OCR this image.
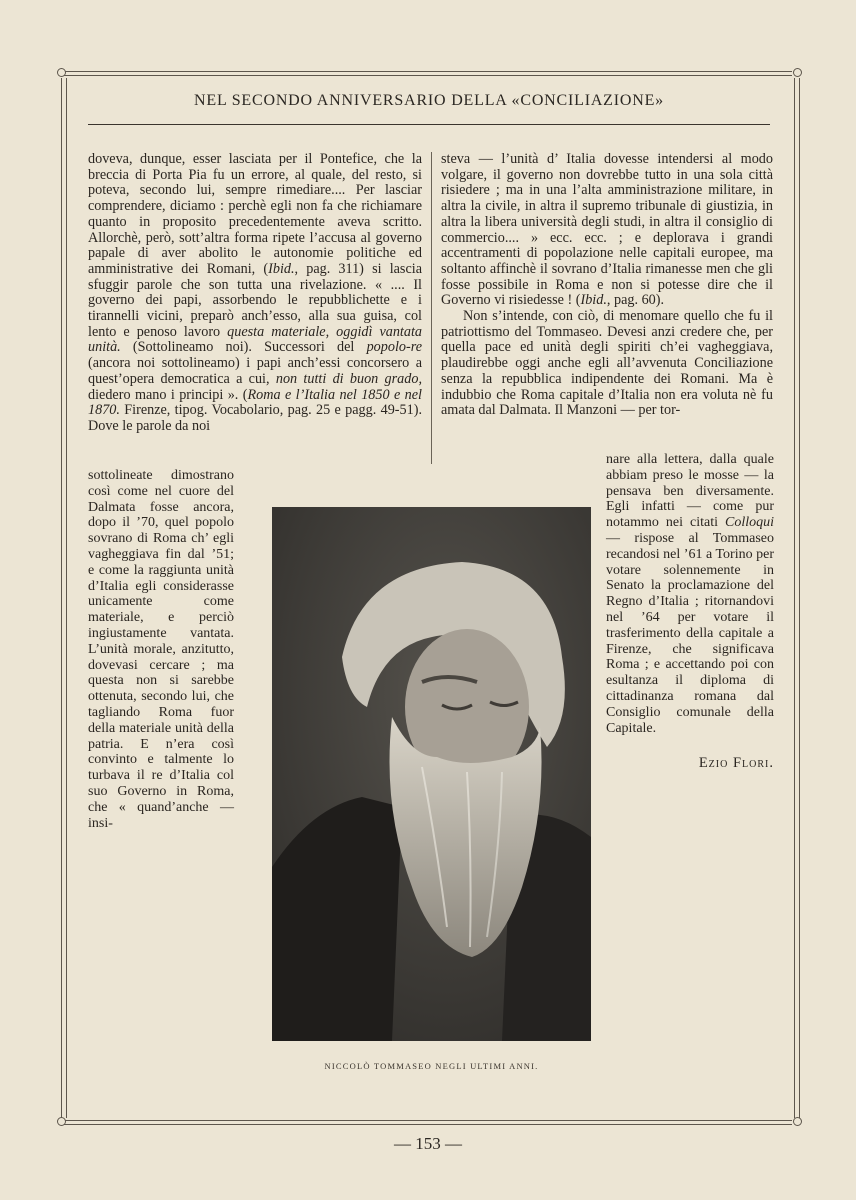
NEL SECONDO ANNIVERSARIO DELLA «CONCILIAZIONE»

doveva, dunque, esser lasciata per il Pontefice, che la breccia di Porta Pia fu un errore, al quale, del resto, si poteva, secondo lui, sempre rimediare.... Per lasciar comprendere, diciamo : perchè egli non fa che richiamare quanto in proposito precedentemente aveva scritto. Allorchè, però, sott’altra forma ripete l’accusa al governo papale di aver abolito le autonomie politiche ed amministrative dei Romani, (Ibid., pag. 311) si lascia sfuggir parole che son tutta una rivelazione. « .... Il governo dei papi, assorbendo le repubblichette e i tirannelli vicini, preparò anch’esso, alla sua guisa, col lento e penoso lavoro questa materiale, oggidì vantata unità. (Sottolineamo noi). Successori del popolo-re (ancora noi sottolineamo) i papi anch’essi concorsero a quest’opera democratica a cui, non tutti di buon grado, diedero mano i principi ». (Roma e l’Italia nel 1850 e nel 1870. Firenze, tipog. Vocabolario, pag. 25 e pagg. 49-51). Dove le parole da noi

steva — l’unità d’ Italia dovesse intendersi al modo volgare, il governo non dovrebbe tutto in una sola città risiedere ; ma in una l’alta amministrazione militare, in altra la civile, in altra il supremo tribunale di giustizia, in altra la libera università degli studi, in altra il consiglio di commercio.... » ecc. ecc. ; e deplorava i grandi accentramenti di popolazione nelle capitali europee, ma soltanto affinchè il sovrano d’Italia rimanesse men che gli fosse possibile in Roma e non si potesse dire che il Governo vi risiedesse ! (Ibid., pag. 60).

Non s’intende, con ciò, di menomare quello che fu il patriottismo del Tommaseo. Devesi anzi credere che, per quella pace ed unità degli spiriti ch’ei vagheggiava, plaudirebbe oggi anche egli all’avvenuta Conciliazione senza la repubblica indipendente dei Romani. Ma è indubbio che Roma capitale d’Italia non era voluta nè fu amata dal Dalmata. Il Manzoni — per tor-

sottolineate dimostrano così come nel cuore del Dalmata fosse ancora, dopo il ’70, quel popolo sovrano di Roma ch’ egli vagheggiava fin dal ’51; e come la raggiunta unità d’Italia egli considerasse unicamente come materiale, e perciò ingiustamente vantata. L’unità morale, anzitutto, dovevasi cercare ; ma questa non si sarebbe ottenuta, secondo lui, che tagliando Roma fuor della materiale unità della patria. E n’era così convinto e talmente lo turbava il re d’Italia col suo Governo in Roma, che « quand’anche — insi-

nare alla lettera, dalla quale abbiam preso le mosse — la pensava ben diversamente. Egli infatti — come pur notammo nei citati Colloqui — rispose al Tommaseo recandosi nel ’61 a Torino per votare solennemente in Senato la proclamazione del Regno d’Italia ; ritornandovi nel ’64 per votare il trasferimento della capitale a Firenze, che significava Roma ; e accettando poi con esultanza il diploma di cittadinanza romana dal Consiglio comunale della Capitale.

Ezio Flori.

NICCOLÒ TOMMASEO NEGLI ULTIMI ANNI.
— 153 —
